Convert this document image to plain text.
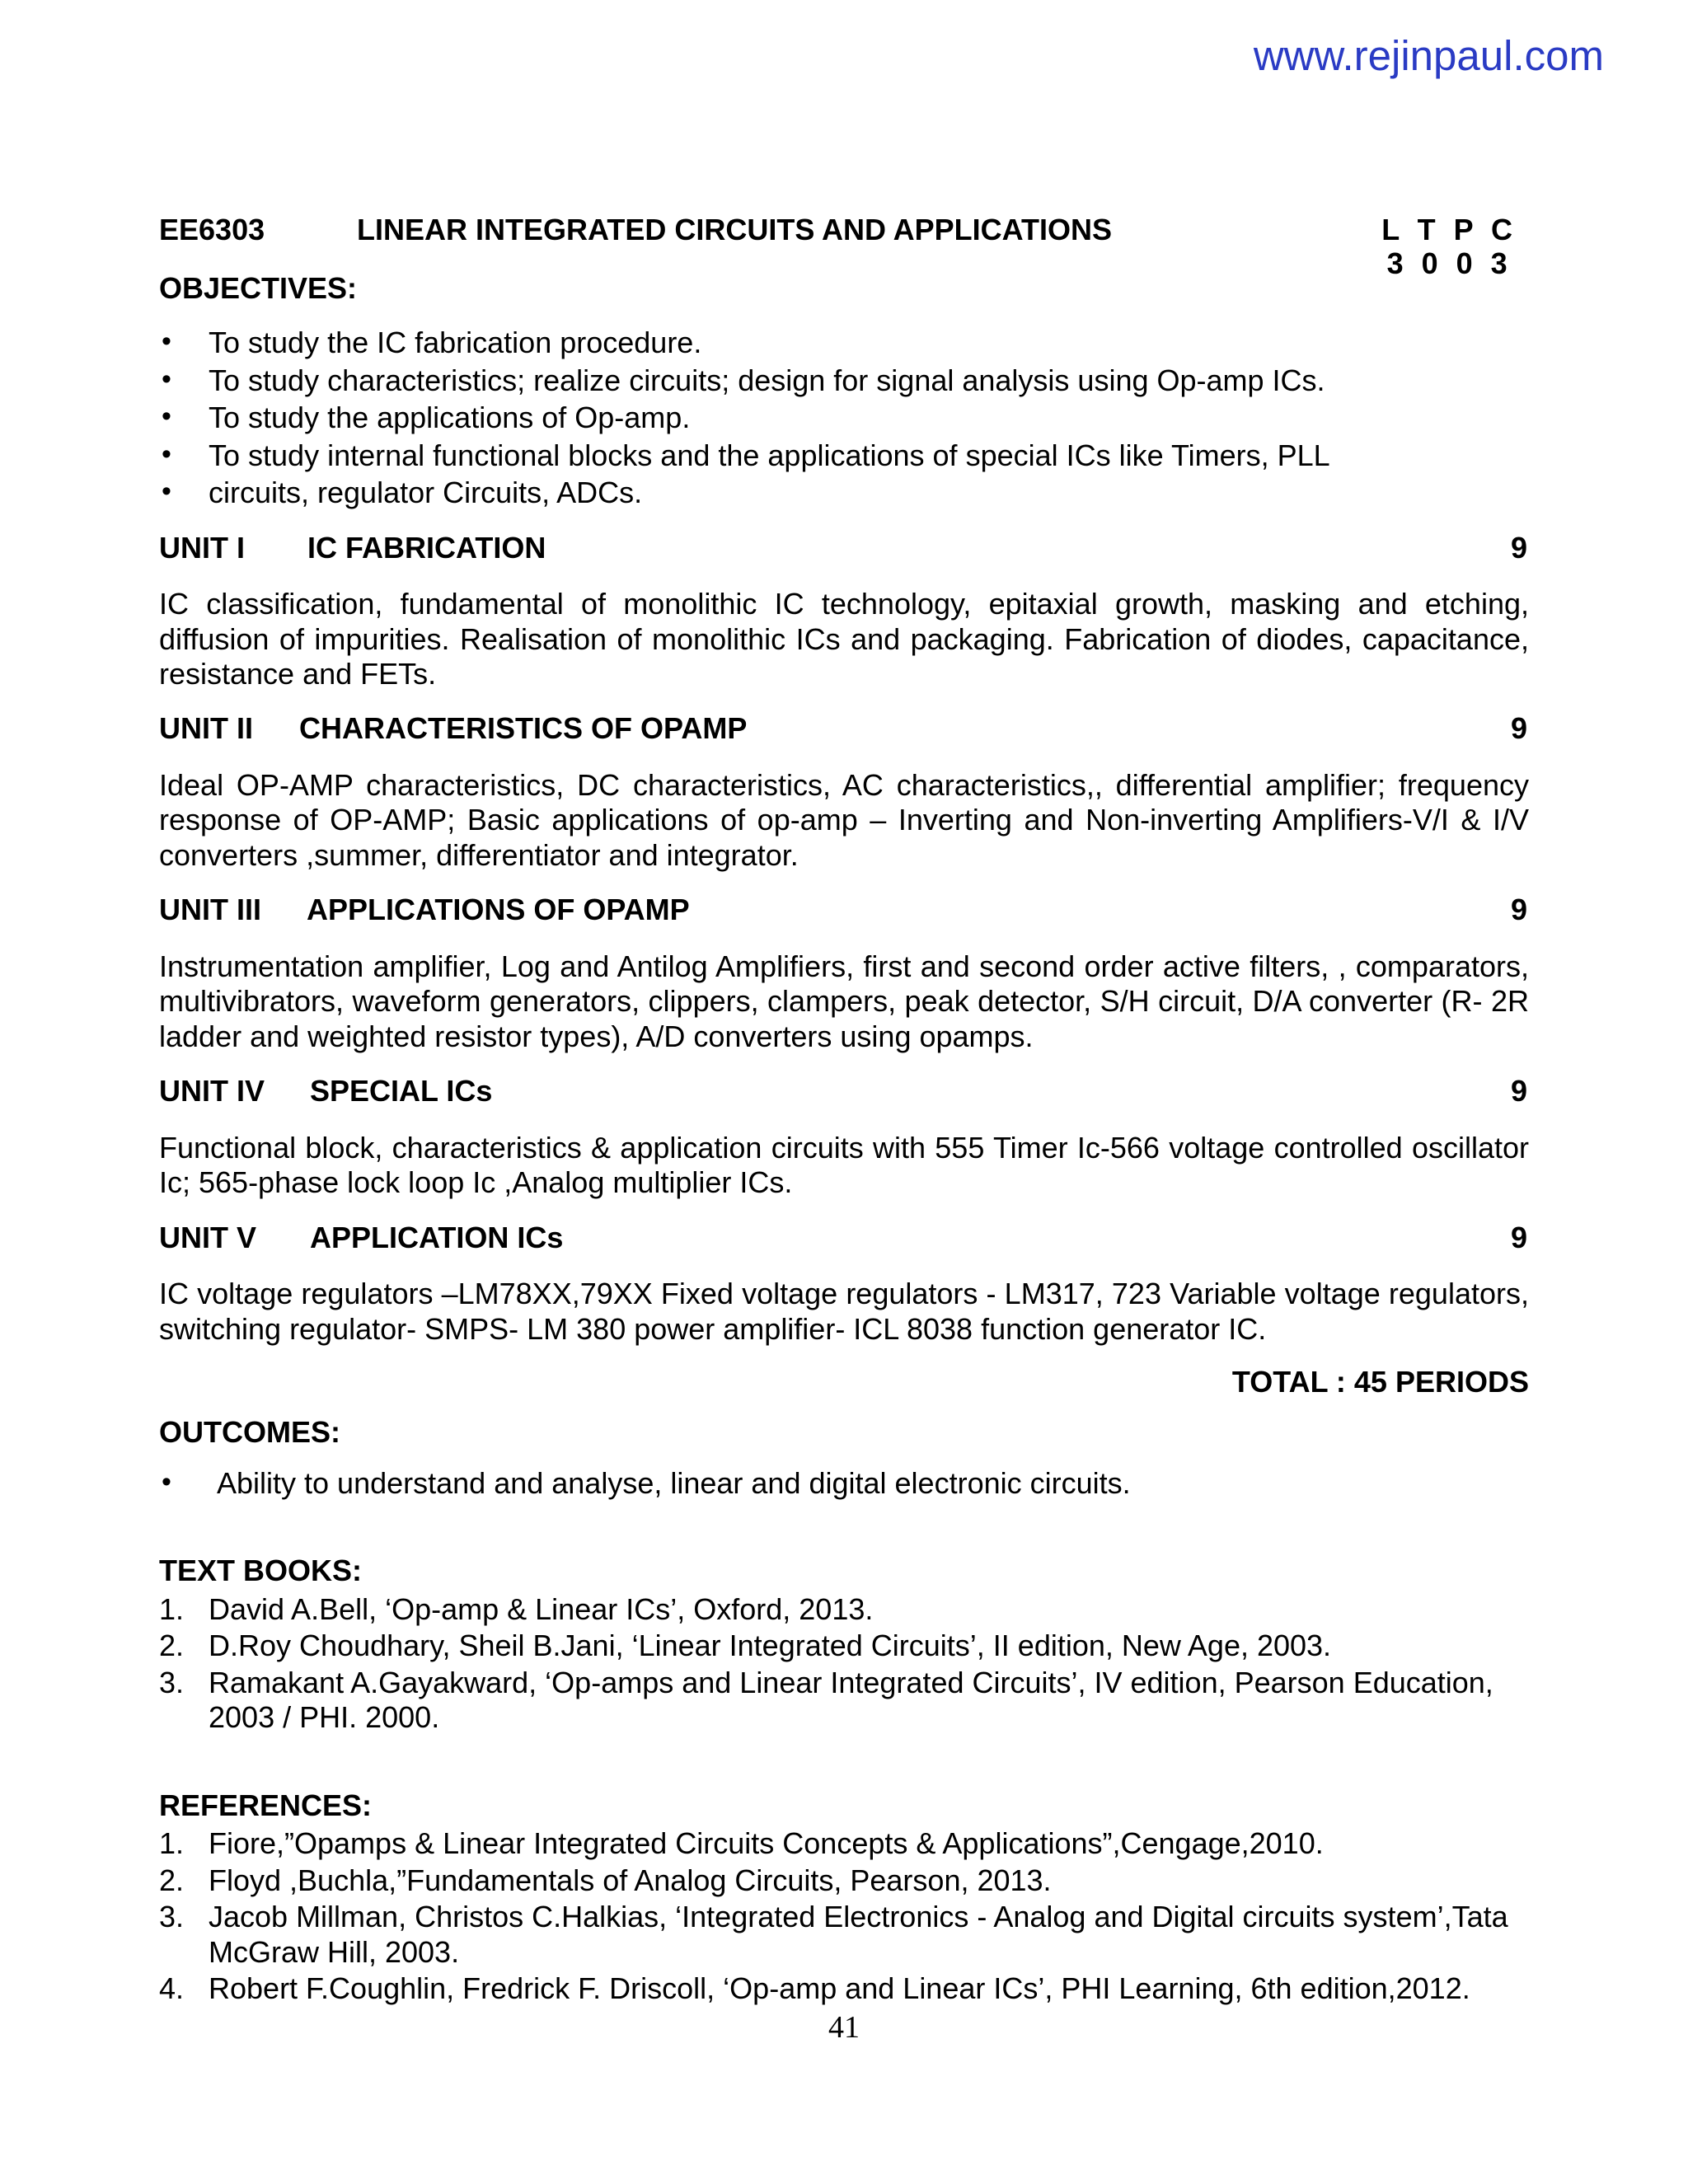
www.rejinpaul.com
EE6303	LINEAR INTEGRATED CIRCUITS AND APPLICATIONS	L T P C
3 0 0 3
OBJECTIVES:
• To study the IC fabrication procedure.
• To study characteristics; realize circuits; design for signal analysis using Op-amp ICs.
• To study the applications of Op-amp.
• To study internal functional blocks and the applications of special ICs like Timers, PLL
• circuits, regulator Circuits, ADCs.
UNIT I	IC FABRICATION	9
IC classification, fundamental of monolithic IC technology, epitaxial growth, masking and etching, diffusion of impurities. Realisation of monolithic ICs and packaging. Fabrication of diodes, capacitance, resistance and FETs.
UNIT II	CHARACTERISTICS OF OPAMP	9
Ideal OP-AMP characteristics, DC characteristics, AC characteristics,, differential amplifier; frequency response of OP-AMP; Basic applications of op-amp – Inverting and Non-inverting Amplifiers-V/I & I/V converters ,summer, differentiator and integrator.
UNIT III	APPLICATIONS OF OPAMP	9
Instrumentation amplifier, Log and Antilog Amplifiers, first and second order active filters, , comparators, multivibrators, waveform generators, clippers, clampers, peak detector, S/H circuit, D/A converter (R- 2R ladder and weighted resistor types), A/D converters using opamps.
UNIT IV	SPECIAL ICs	9
Functional block, characteristics & application circuits with 555 Timer Ic-566 voltage controlled oscillator Ic; 565-phase lock loop Ic ,Analog multiplier ICs.
UNIT V	APPLICATION ICs	9
IC voltage regulators –LM78XX,79XX Fixed voltage regulators - LM317, 723 Variable voltage regulators, switching regulator- SMPS- LM 380 power amplifier- ICL 8038 function generator IC.
TOTAL : 45 PERIODS
OUTCOMES:
• Ability to understand and analyse, linear and digital electronic circuits.
TEXT BOOKS:
1. David A.Bell, ‘Op-amp & Linear ICs’, Oxford, 2013.
2. D.Roy Choudhary, Sheil B.Jani, ‘Linear Integrated Circuits’, II edition, New Age, 2003.
3. Ramakant A.Gayakward, ‘Op-amps and Linear Integrated Circuits’, IV edition, Pearson Education, 2003 / PHI. 2000.
REFERENCES:
1. Fiore,”Opamps & Linear Integrated Circuits Concepts & Applications”,Cengage,2010.
2. Floyd ,Buchla,”Fundamentals of Analog Circuits, Pearson, 2013.
3. Jacob Millman, Christos C.Halkias, ‘Integrated Electronics - Analog and Digital circuits system’,Tata McGraw Hill, 2003.
4. Robert F.Coughlin, Fredrick F. Driscoll, ‘Op-amp and Linear ICs’, PHI Learning, 6th edition,2012.
41
